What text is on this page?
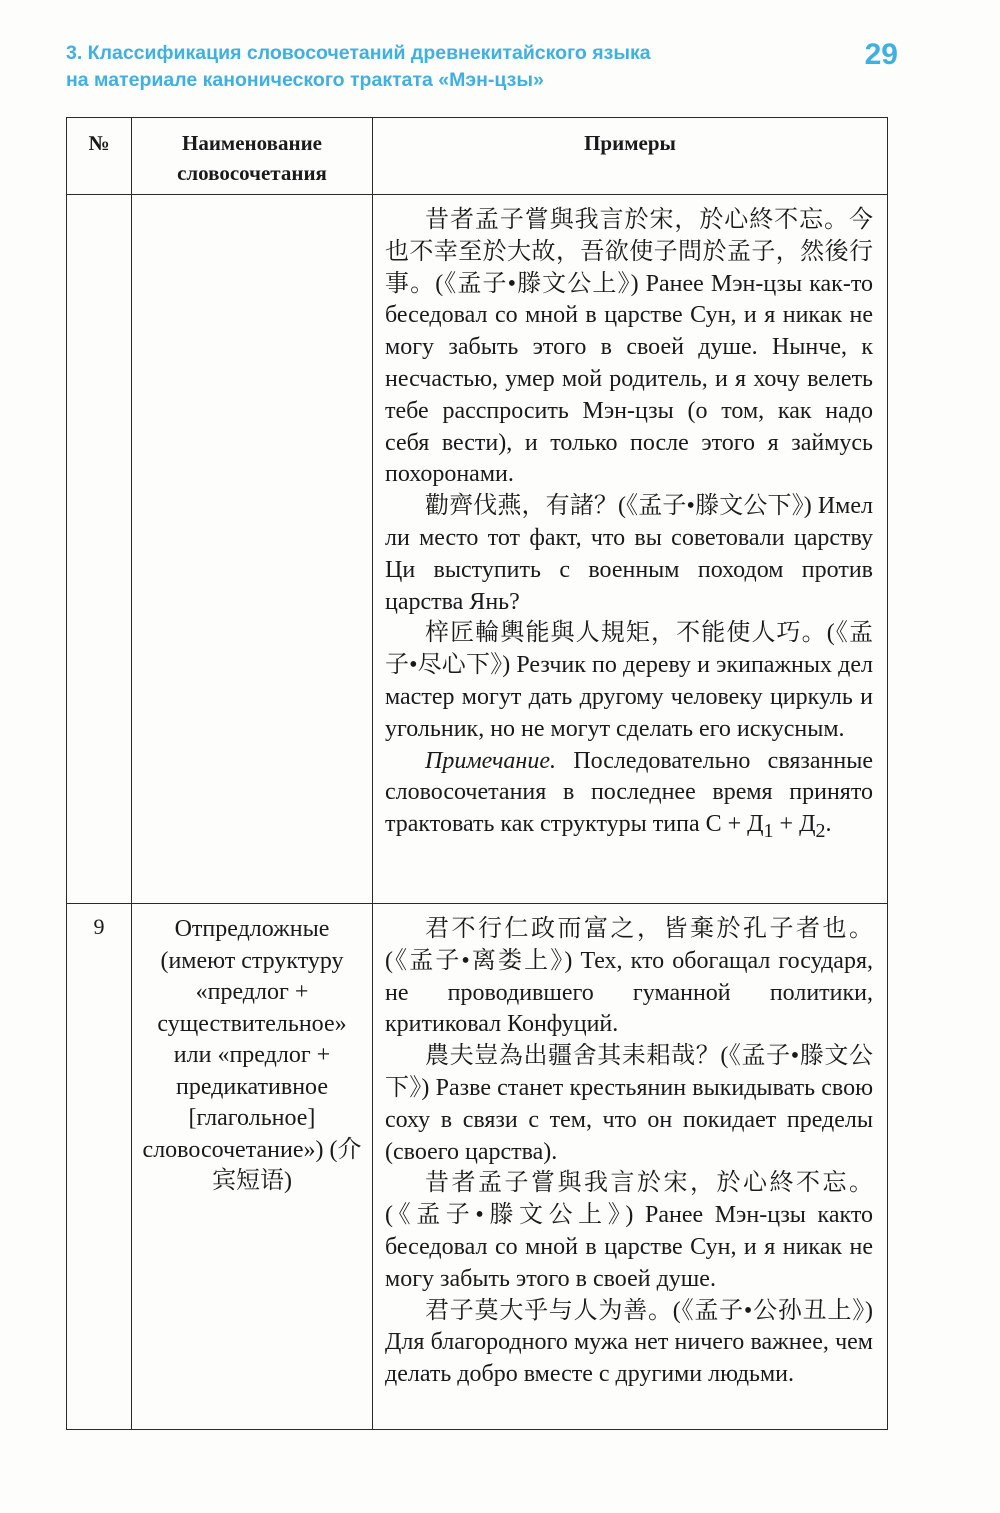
3. Классификация словосочетаний древнекитайского языка
на материале канонического трактата «Мэн-цзы»
29
№	Наименование словосочетания	Примеры

		昔者孟子嘗與我言於宋，於心終不忘。今也不幸至於大故，吾欲使子問於孟子，然後行事。(《孟子•滕文公上》) Ранее Мэн-цзы как-то беседовал со мной в царстве Сун, и я никак не могу забыть этого в своей душе. Нынче, к несчастью, умер мой родитель, и я хочу велеть тебе расспросить Мэн-цзы (о том, как надо себя вести), и только после этого я займусь похоронами.

勸齊伐燕，有諸？(《孟子•滕文公下》) Имел ли место тот факт, что вы советовали царству Ци выступить с военным походом против царства Янь?

梓匠輪輿能與人規矩，不能使人巧。(《孟子•尽心下》) Резчик по дереву и экипажных дел мастер могут дать другому человеку циркуль и угольник, но не могут сделать его искусным.

Примечание. Последовательно связанные словосочетания в последнее время принято трактовать как структуры типа $С + Д_1 + Д_2$.

9	Отпредложные (имеют структуру «предлог + существительное» или «предлог + предикативное [глагольное] словосочетание») (介宾短语)	君不行仁政而富之，皆棄於孔子者也。(《孟子•离娄上》) Тех, кто обогащал государя, не проводившего гуманной политики, критиковал Конфуций.

農夫豈為出疆舍其耒耜哉？(《孟子•滕文公下》) Разве станет крестьянин выкидывать свою соху в связи с тем, что он покидает пределы (своего царства).

昔者孟子嘗與我言於宋，於心終不忘。(《孟子•滕文公上》) Ранее Мэн-цзы както беседовал со мной в царстве Сун, и я никак не могу забыть этого в своей душе.

君子莫大乎与人为善。(《孟子•公孙丑上》) Для благородного мужа нет ничего важнее, чем делать добро вместе с другими людьми.
